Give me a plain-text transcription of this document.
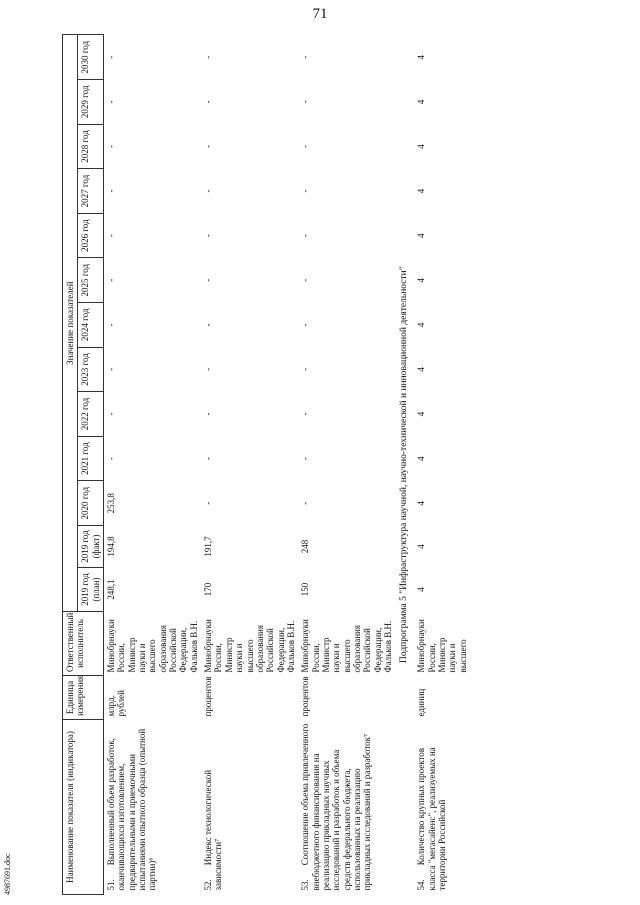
71
4987691.doc	Наименование показателя (индикатора)	Единица измерения	Ответственный исполнитель	Значение показателей												
			2019 год (план)	2019 год (факт)	2020 год	2021 год	2022 год	2023 год	2024 год	2025 год	2026 год	2027 год	2028 год	2029 год	2030 год
51.Выполненный объем разработок, оканчивающихся изготовлением, предварительными и приемочными испытаниями опытного образца (опытной партии)⁶	млрд. рублей	Минобрнауки России, Министр науки и высшего образования Российской Федерации, Фальков В.Н.	248,1	194,8	253,8	-	-	-	-	-	-	-	-	-	-
52.Индекс технологической зависимости⁷	процентов	Минобрнауки России, Министр науки и высшего образования Российской Федерации, Фальков В.Н.	170	191,7	-	-	-	-	-	-	-	-	-	-	-
53.Соотношение объема привлеченного внебюджетного финансирования на реализацию прикладных научных исследований и разработок и объема средств федерального бюджета, использованных на реализацию прикладных исследований и разработок⁷	процентов	Минобрнауки России, Министр науки и высшего образования Российской Федерации, Фальков В.Н.	150	248	-	-	-	-	-	-	-	-	-	-	-
Подпрограмма 5 "Инфраструктура научной, научно-технической и инновационной деятельности"															
54.Количество крупных проектов класса "мегасайенс", реализуемых на территории Российской	единиц	Минобрнауки России, Министр науки и высшего	4	4	4	4	4	4	4	4	4	4	4	4	4
